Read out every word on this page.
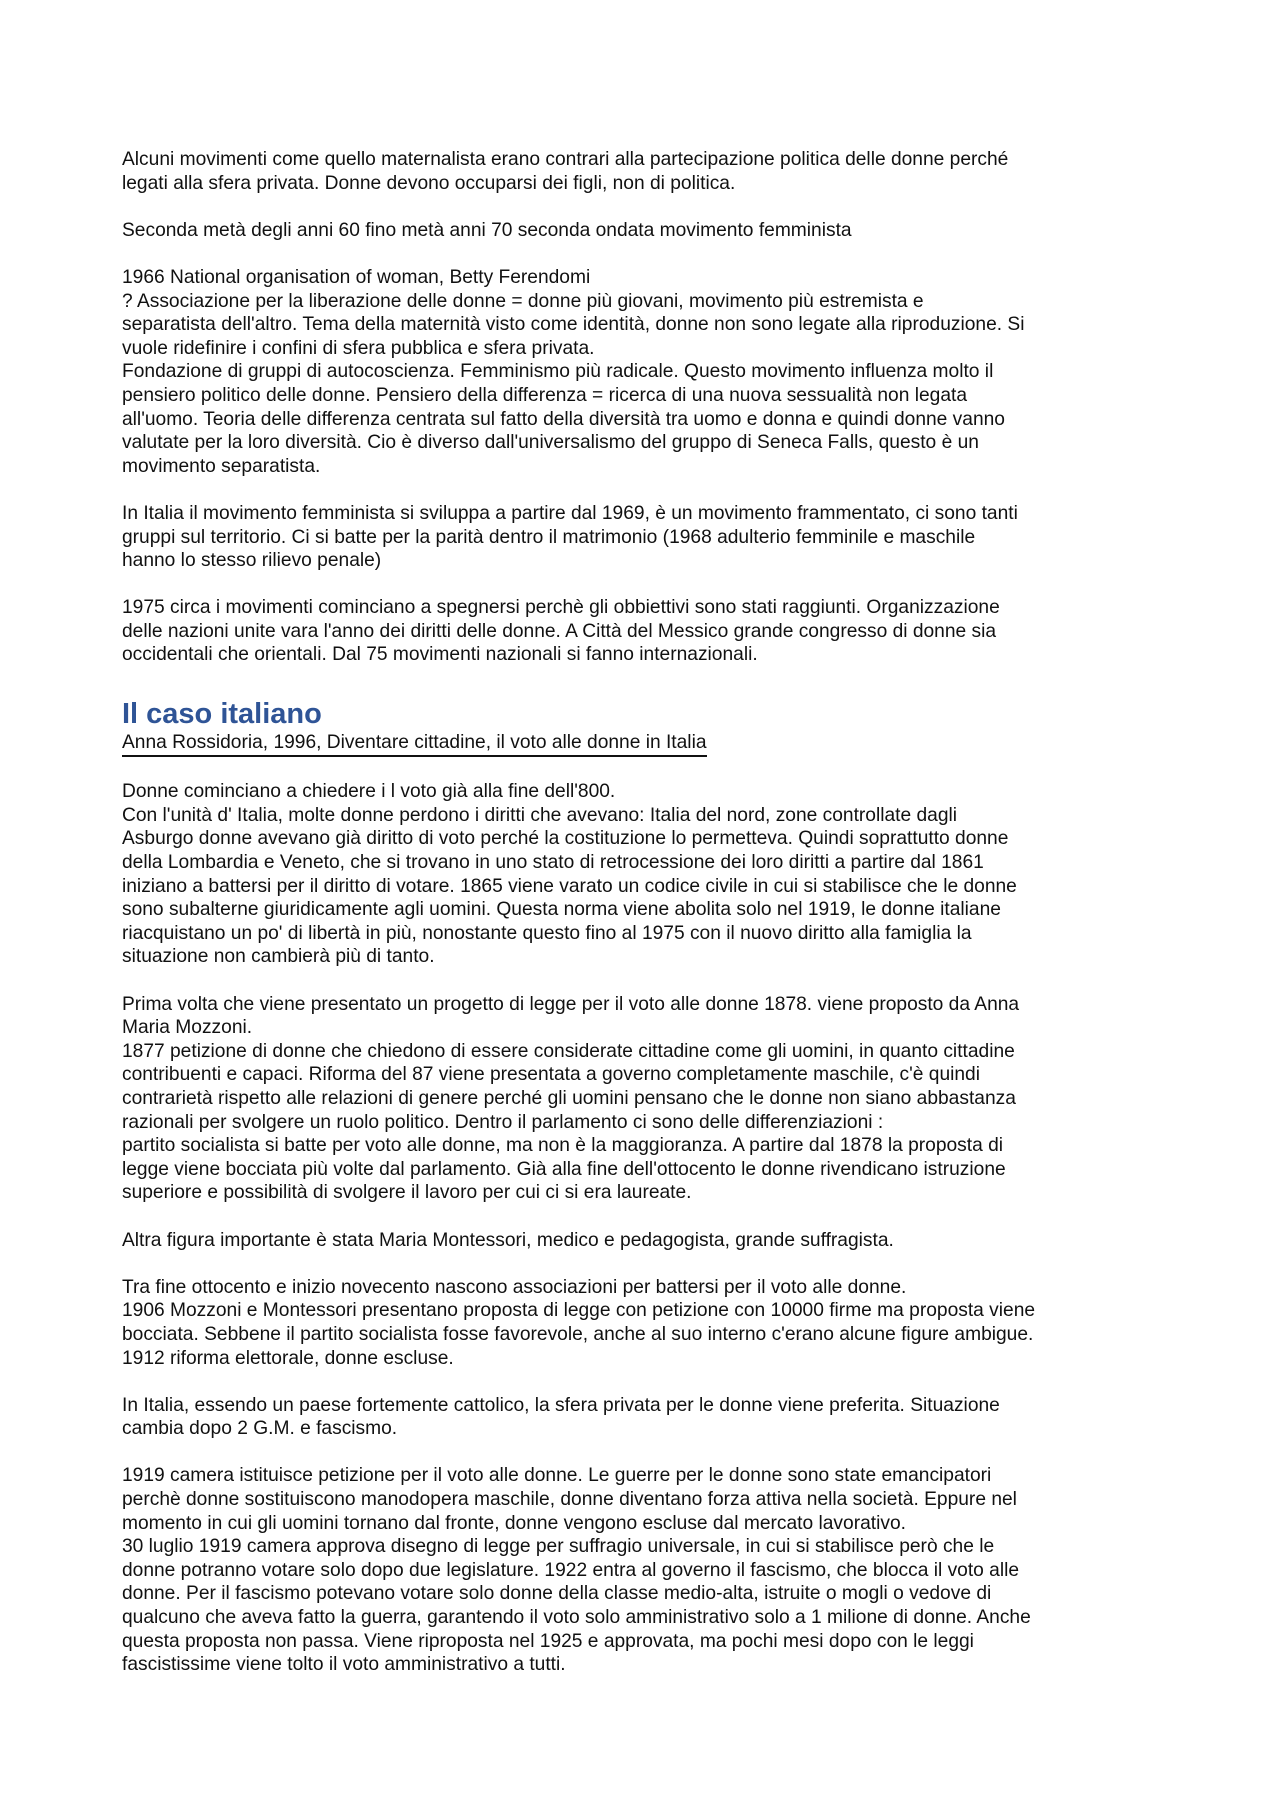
Alcuni movimenti come quello maternalista erano contrari alla partecipazione politica delle donne perché
legati alla sfera privata. Donne devono occuparsi dei figli, non di politica.
Seconda metà degli anni 60 fino metà anni 70 seconda ondata movimento femminista
1966 National organisation of woman, Betty Ferendomi
? Associazione per la liberazione delle donne = donne più giovani, movimento più estremista e
separatista dell'altro. Tema della maternità visto come identità, donne non sono legate alla riproduzione. Si
vuole ridefinire i confini di sfera pubblica e sfera privata.
Fondazione di gruppi di autocoscienza. Femminismo più radicale. Questo movimento influenza molto il
pensiero politico delle donne. Pensiero della differenza = ricerca di una nuova sessualità non legata
all'uomo. Teoria delle differenza centrata sul fatto della diversità tra uomo e donna e quindi donne vanno
valutate per la loro diversità. Cio è diverso dall'universalismo del gruppo di Seneca Falls, questo è un
movimento separatista.
In Italia il movimento femminista si sviluppa a partire dal 1969, è un movimento frammentato, ci sono tanti
gruppi sul territorio. Ci si batte per la parità dentro il matrimonio (1968 adulterio femminile e maschile
hanno lo stesso rilievo penale)
1975 circa i movimenti cominciano a spegnersi perchè gli obbiettivi sono stati raggiunti. Organizzazione
delle nazioni unite vara l'anno dei diritti delle donne. A Città del Messico grande congresso di donne sia
occidentali che orientali. Dal 75 movimenti nazionali si fanno internazionali.
Il caso italiano
Anna Rossidoria, 1996, Diventare cittadine, il voto alle donne in Italia
Donne cominciano a chiedere i l voto già alla fine dell'800.
Con l'unità d' Italia, molte donne perdono i diritti che avevano: Italia del nord, zone controllate dagli
Asburgo donne avevano già diritto di voto perché la costituzione lo permetteva. Quindi soprattutto donne
della Lombardia e Veneto, che si trovano in uno stato di retrocessione dei loro diritti a partire dal 1861
iniziano a battersi per il diritto di votare. 1865 viene varato un codice civile in cui si stabilisce che le donne
sono subalterne giuridicamente agli uomini. Questa norma viene abolita solo nel 1919, le donne italiane
riacquistano un po' di libertà in più, nonostante questo fino al 1975 con il nuovo diritto alla famiglia la
situazione non cambierà più di tanto.
Prima volta che viene presentato un progetto di legge per il voto alle donne 1878. viene proposto da Anna
Maria Mozzoni.
1877 petizione di donne che chiedono di essere considerate cittadine come gli uomini, in quanto cittadine
contribuenti e capaci. Riforma del 87 viene presentata a governo completamente maschile, c'è quindi
contrarietà rispetto alle relazioni di genere perché gli uomini pensano che le donne non siano abbastanza
razionali per svolgere un ruolo politico. Dentro il parlamento ci sono delle differenziazioni :
partito socialista si batte per voto alle donne, ma non è la maggioranza. A partire dal 1878 la proposta di
legge viene bocciata più volte dal parlamento. Già alla fine dell'ottocento le donne rivendicano istruzione
superiore e possibilità di svolgere il lavoro per cui ci si era laureate.
Altra figura importante è stata Maria Montessori, medico e pedagogista, grande suffragista.
Tra fine ottocento e inizio novecento nascono associazioni per battersi per il voto alle donne.
1906 Mozzoni e Montessori presentano proposta di legge con petizione con 10000 firme ma proposta viene
bocciata. Sebbene il partito socialista fosse favorevole, anche al suo interno c'erano alcune figure ambigue.
1912 riforma elettorale, donne escluse.
In Italia, essendo un paese fortemente cattolico, la sfera privata per le donne viene preferita. Situazione
cambia dopo 2 G.M. e fascismo.
1919 camera istituisce petizione per il voto alle donne. Le guerre per le donne sono state emancipatori
perchè donne sostituiscono manodopera maschile, donne diventano forza attiva nella società. Eppure nel
momento in cui gli uomini tornano dal fronte, donne vengono escluse dal mercato lavorativo.
30 luglio 1919 camera approva disegno di legge per suffragio universale, in cui si stabilisce però che le
donne potranno votare solo dopo due legislature. 1922 entra al governo il fascismo, che blocca il voto alle
donne. Per il fascismo potevano votare solo donne della classe medio-alta, istruite o mogli o vedove di
qualcuno che aveva fatto la guerra, garantendo il voto solo amministrativo solo a 1 milione di donne. Anche
questa proposta non passa. Viene riproposta nel 1925 e approvata, ma pochi mesi dopo con le leggi
fascistissime viene tolto il voto amministrativo a tutti.
